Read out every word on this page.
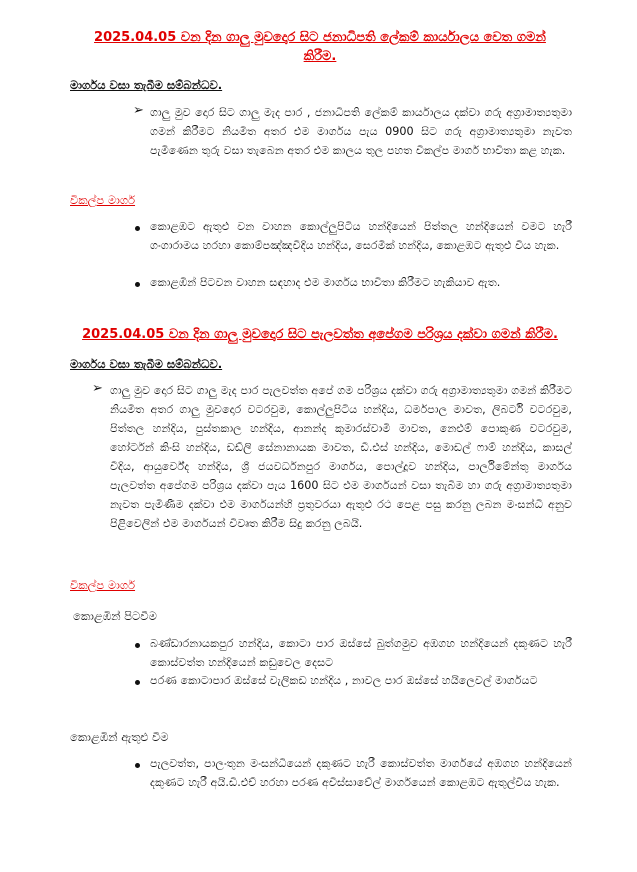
2025.04.05 වන දින ගාලු මුවදොර සිට ජනාධිපති ලේකම් කාර්යාලය වෙත ගමන්
කිරීම.
මාර්ගය වසා තැබීම සම්බන්ධව.
➢ ගාලු මුව දොර සිට ගාලු මැද පාර , ජනාධිපති ලේකම් කාර්යාලය දක්වා ගරු අග්‍රාමාත්‍යතුමා ගමන් කිරීමට නියමිත අතර එම මාර්ගය පැය 0900 සිට ගරු අග්‍රාමාත්‍යතුමා නැවත පැමිණෙන තුරු වසා තැබෙන අතර එම කාලය තුල පහත විකල්ප මාර්ග භාවිතා කළ හැක.
විකල්ප මාර්ග
කොළඹට ඇතුළු වන වාහන කොල්ලුපිටිය හන්දියෙන් පිත්තල හන්දියෙන් වමට හැරී ගංගාරාමය හරහා කොම්පඤ්ඤවීදිය හන්දිය, සෙරමික් හන්දිය, කොළඹට ඇතුළු විය හැක.
කොළඹින් පිටවන වාහන සඳහාද එම මාර්ගය භාවිතා කිරීමට හැකියාව ඇත.
2025.04.05 වන දින ගාලු මුවදොර සිට පැලවත්ත අපේගම පරිශ්‍රය දක්වා ගමන් කිරීම.
මාර්ගය වසා තැබීම සම්බන්ධව.
➢ ගාලු මුව දොර සිට ගාලු මැද පාර පැලවත්ත අපේ ගම පරිශ්‍රය දක්වා ගරු අග්‍රාමාත්‍යතුමා ගමන් කිරීමට නියමිත අතර ගාලු මුවදොර වටරවුම, කොල්ලුපිටිය හන්දිය, ධර්මපාල මාවත, ලිබර්ටි වටරවුම, පිත්තල හන්දිය, පුස්තකාල හන්දිය, ආනන්ද කුමාරස්වාමි මාවත, නෙළුම් පොකුණ වටරවුම, හෝර්ටන් කිංසි හන්දිය, ඩඩ්ලි සේනානායක මාවත, ඩී.එස් හන්දිය, මොඩල් ෆාම් හන්දිය, කාසල් වීදිය, ආයුර්වේද හන්දිය, ශ්‍රී ජයවර්ධනපුර මාර්ගය, පොල්දූව හන්දිය, පාර්ලිමේන්තු මාර්ගය පැලවත්ත අපේගම පරිශ්‍රය දක්වා පැය 1600 සිට එම මාර්ගයන් වසා තැබීම හා ගරු අග්‍රාමාත්‍යතුමා නැවත පැමිණීම දක්වා එම මාර්ගයන්හි ප්‍රතුවරයා ඇතුළු රථ පෙළ පසු කරනු ලබන මංසන්ධි අනුව පිළිවෙලින් එම මාර්ගයන් විවෘත කිරීම සිදු කරනු ලබයි.
විකල්ප මාර්ග
කොළඹින් පිටවීම
බණ්ඩාරනායකපුර හන්දිය, කොටා පාර ඔස්සේ බුත්ගමුව අඹගහ හන්දියෙන් දකුණට හැරී කොස්වත්ත හන්දියෙන් කඩුවෙල දෙසට
පරණ කොටාපාර ඔස්සේ වැලිකඩ හන්දිය , නාවල පාර ඔස්සේ හයිලෙවල් මාර්ගයට
කොළඹින් ඇතුළු වීම
පැලවත්ත, පාලංතුන මංසන්ධියෙන් දකුණට හැරී කොස්වත්ත මාර්ගයේ අඹගහ හන්දියෙන් දකුණට හැරී අයි.ඩී.එච් හරහා පරණ අවිස්සාවේල් මාර්ගයෙන් කොළඹට ඇතුල්විය හැක.
